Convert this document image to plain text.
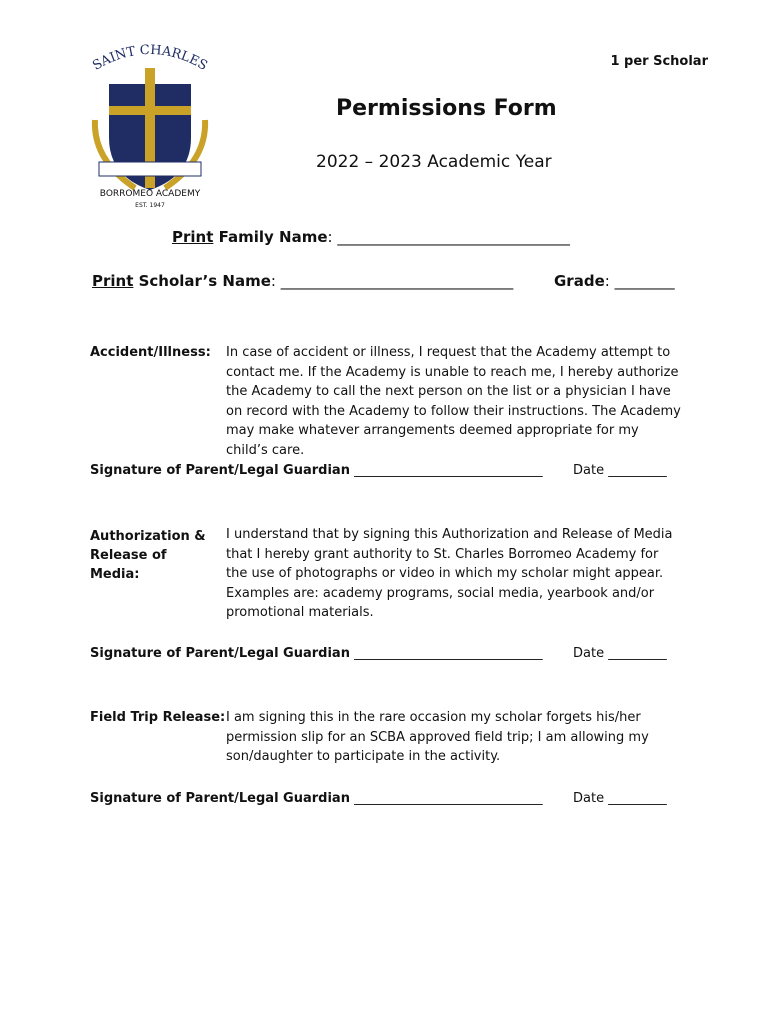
SAINT CHARLES
BORROMEO ACADEMY
EST. 1947
1 per Scholar
Permissions Form
2022 – 2023 Academic Year
Print Family Name: _______________________________
Print Scholar’s Name: _______________________________	Grade: ________
Accident/Illness: In case of accident or illness, I request that the Academy attempt to contact me. If the Academy is unable to reach me, I hereby authorize the Academy to call the next person on the list or a physician I have on record with the Academy to follow their instructions. The Academy may make whatever arrangements deemed appropriate for my child’s care.
Signature of Parent/Legal Guardian _____________________________ Date _________
Authorization & Release of Media:
I understand that by signing this Authorization and Release of Media that I hereby grant authority to St. Charles Borromeo Academy for the use of photographs or video in which my scholar might appear. Examples are: academy programs, social media, yearbook and/or promotional materials.
Signature of Parent/Legal Guardian _____________________________ Date _________
Field Trip Release: I am signing this in the rare occasion my scholar forgets his/her permission slip for an SCBA approved field trip; I am allowing my son/daughter to participate in the activity.
Signature of Parent/Legal Guardian _____________________________ Date _________
